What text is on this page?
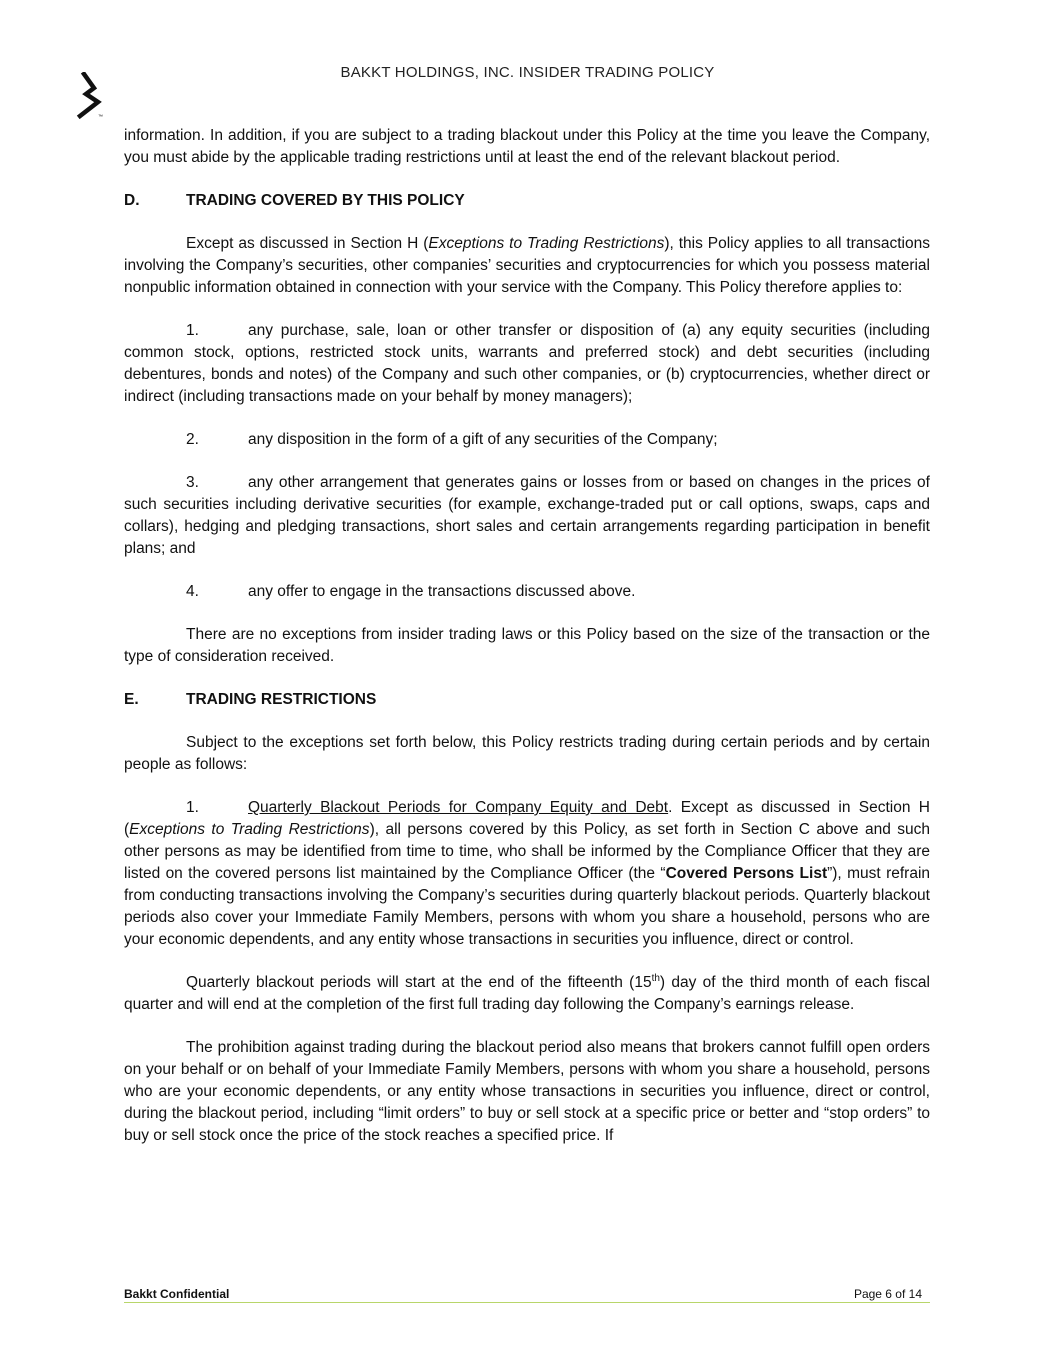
™
BAKKT HOLDINGS, INC. INSIDER TRADING POLICY

information. In addition, if you are subject to a trading blackout under this Policy at the time you leave the Company, you must abide by the applicable trading restrictions until at least the end of the relevant blackout period.

D.	TRADING COVERED BY THIS POLICY

Except as discussed in Section H (Exceptions to Trading Restrictions), this Policy applies to all transactions involving the Company’s securities, other companies’ securities and cryptocurrencies for which you possess material nonpublic information obtained in connection with your service with the Company. This Policy therefore applies to:

1.	any purchase, sale, loan or other transfer or disposition of (a) any equity securities (including common stock, options, restricted stock units, warrants and preferred stock) and debt securities (including debentures, bonds and notes) of the Company and such other companies, or (b) cryptocurrencies, whether direct or indirect (including transactions made on your behalf by money managers);

2.	any disposition in the form of a gift of any securities of the Company;

3.	any other arrangement that generates gains or losses from or based on changes in the prices of such securities including derivative securities (for example, exchange-traded put or call options, swaps, caps and collars), hedging and pledging transactions, short sales and certain arrangements regarding participation in benefit plans; and

4.	any offer to engage in the transactions discussed above.

There are no exceptions from insider trading laws or this Policy based on the size of the transaction or the type of consideration received.

E.	TRADING RESTRICTIONS

Subject to the exceptions set forth below, this Policy restricts trading during certain periods and by certain people as follows:

1.	Quarterly Blackout Periods for Company Equity and Debt. Except as discussed in Section H (Exceptions to Trading Restrictions), all persons covered by this Policy, as set forth in Section C above and such other persons as may be identified from time to time, who shall be informed by the Compliance Officer that they are listed on the covered persons list maintained by the Compliance Officer (the “Covered Persons List”), must refrain from conducting transactions involving the Company’s securities during quarterly blackout periods. Quarterly blackout periods also cover your Immediate Family Members, persons with whom you share a household, persons who are your economic dependents, and any entity whose transactions in securities you influence, direct or control.

Quarterly blackout periods will start at the end of the fifteenth (15th) day of the third month of each fiscal quarter and will end at the completion of the first full trading day following the Company’s earnings release.

The prohibition against trading during the blackout period also means that brokers cannot fulfill open orders on your behalf or on behalf of your Immediate Family Members, persons with whom you share a household, persons who are your economic dependents, or any entity whose transactions in securities you influence, direct or control, during the blackout period, including “limit orders” to buy or sell stock at a specific price or better and “stop orders” to buy or sell stock once the price of the stock reaches a specified price. If

Bakkt Confidential	Page 6 of 14
